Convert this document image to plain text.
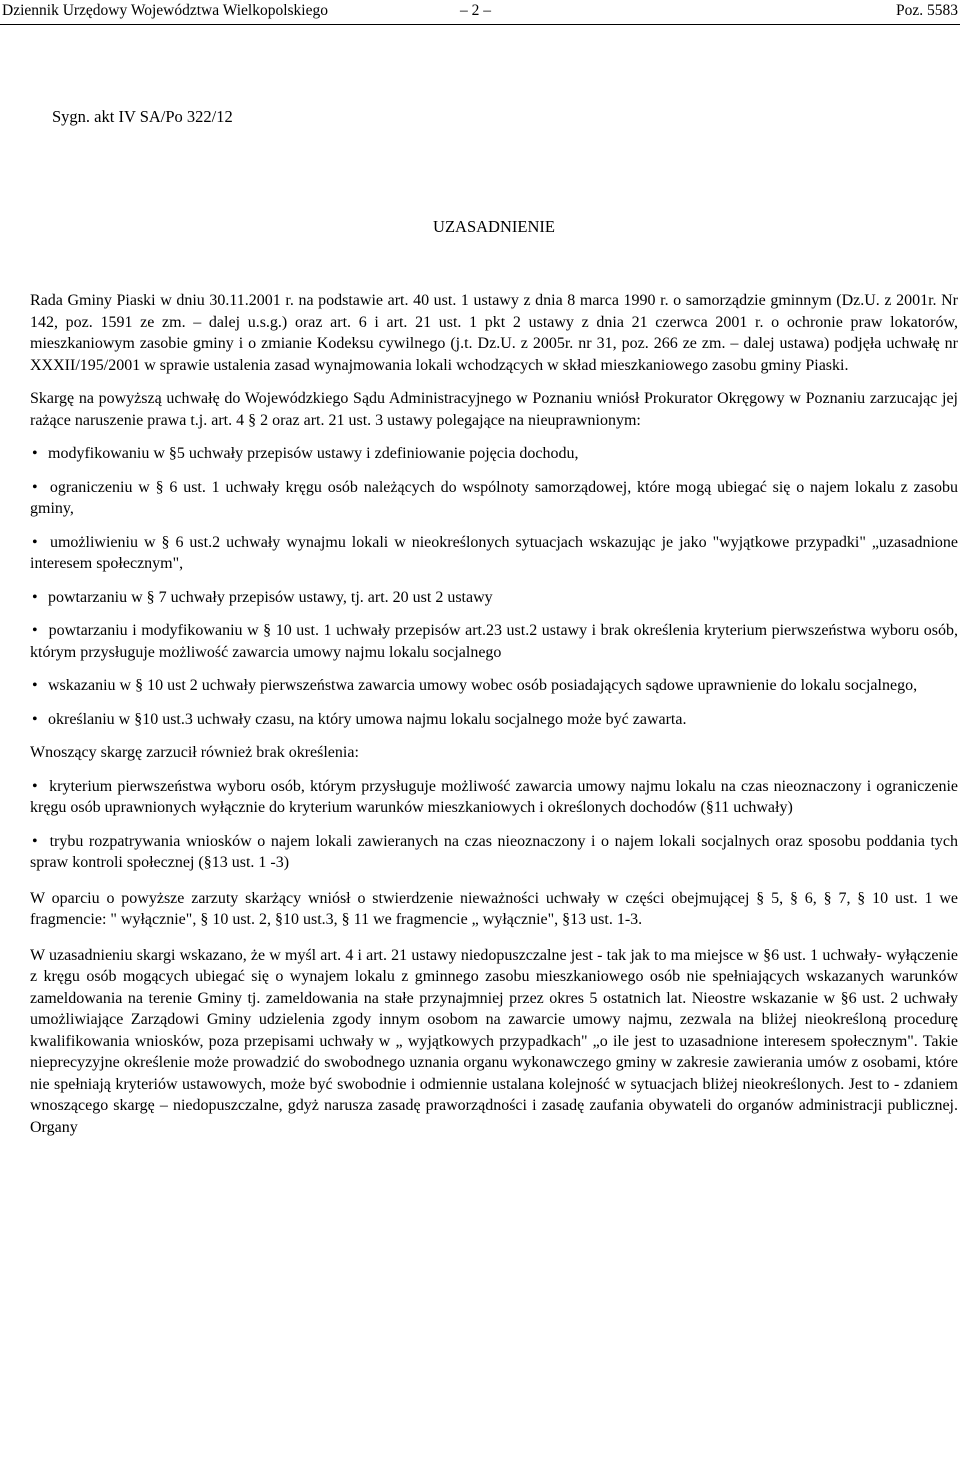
Dziennik Urzędowy Województwa Wielkopolskiego	– 2 –	Poz. 5583
Sygn. akt IV SA/Po 322/12
UZASADNIENIE

Rada Gminy Piaski w dniu 30.11.2001 r. na podstawie art. 40 ust. 1 ustawy z dnia 8 marca 1990 r. o samorządzie gminnym (Dz.U. z 2001r. Nr 142, poz. 1591 ze zm. – dalej u.s.g.) oraz art. 6 i art. 21 ust. 1 pkt 2 ustawy z dnia 21 czerwca 2001 r. o ochronie praw lokatorów, mieszkaniowym zasobie gminy i o zmianie Kodeksu cywilnego (j.t. Dz.U. z 2005r. nr 31, poz. 266 ze zm. – dalej ustawa) podjęła uchwałę nr XXXII/195/2001 w sprawie ustalenia zasad wynajmowania lokali wchodzących w skład mieszkaniowego zasobu gminy Piaski.

Skargę na powyższą uchwałę do Wojewódzkiego Sądu Administracyjnego w Poznaniu wniósł Prokurator Okręgowy w Poznaniu zarzucając jej rażące naruszenie prawa t.j. art. 4 § 2 oraz art. 21 ust. 3 ustawy polegające na nieuprawnionym:

• modyfikowaniu w §5 uchwały przepisów ustawy i zdefiniowanie pojęcia dochodu,

• ograniczeniu w § 6 ust. 1 uchwały kręgu osób należących do wspólnoty samorządowej, które mogą ubiegać się o najem lokalu z zasobu gminy,

• umożliwieniu w § 6 ust.2 uchwały wynajmu lokali w nieokreślonych sytuacjach wskazując je jako "wyjątkowe przypadki" „uzasadnione interesem społecznym",

• powtarzaniu w § 7 uchwały przepisów ustawy, tj. art. 20 ust 2 ustawy

• powtarzaniu i modyfikowaniu w § 10 ust. 1 uchwały przepisów art.23 ust.2 ustawy i brak określenia kryterium pierwszeństwa wyboru osób, którym przysługuje możliwość zawarcia umowy najmu lokalu socjalnego

• wskazaniu w § 10 ust 2 uchwały pierwszeństwa zawarcia umowy wobec osób posiadających sądowe uprawnienie do lokalu socjalnego,

• określaniu w §10 ust.3 uchwały czasu, na który umowa najmu lokalu socjalnego może być zawarta.

Wnoszący skargę zarzucił również brak określenia:

• kryterium pierwszeństwa wyboru osób, którym przysługuje możliwość zawarcia umowy najmu lokalu na czas nieoznaczony i ograniczenie kręgu osób uprawnionych wyłącznie do kryterium warunków mieszkaniowych i określonych dochodów (§11 uchwały)

• trybu rozpatrywania wniosków o najem lokali zawieranych na czas nieoznaczony i o najem lokali socjalnych oraz sposobu poddania tych spraw kontroli społecznej (§13 ust. 1 -3)

W oparciu o powyższe zarzuty skarżący wniósł o stwierdzenie nieważności uchwały w części obejmującej § 5, § 6, § 7, § 10 ust. 1 we fragmencie: " wyłącznie", § 10 ust. 2, §10 ust.3, § 11 we fragmencie „ wyłącznie", §13 ust. 1-3.

W uzasadnieniu skargi wskazano, że w myśl art. 4 i art. 21 ustawy niedopuszczalne jest - tak jak to ma miejsce w §6 ust. 1 uchwały- wyłączenie z kręgu osób mogących ubiegać się o wynajem lokalu z gminnego zasobu mieszkaniowego osób nie spełniających wskazanych warunków zameldowania na terenie Gminy tj. zameldowania na stałe przynajmniej przez okres 5 ostatnich lat. Nieostre wskazanie w §6 ust. 2 uchwały umożliwiające Zarządowi Gminy udzielenia zgody innym osobom na zawarcie umowy najmu, zezwala na bliżej nieokreśloną procedurę kwalifikowania wniosków, poza przepisami uchwały w „ wyjątkowych przypadkach" „o ile jest to uzasadnione interesem społecznym". Takie nieprecyzyjne określenie może prowadzić do swobodnego uznania organu wykonawczego gminy w zakresie zawierania umów z osobami, które nie spełniają kryteriów ustawowych, może być swobodnie i odmiennie ustalana kolejność w sytuacjach bliżej nieokreślonych. Jest to - zdaniem wnoszącego skargę – niedopuszczalne, gdyż narusza zasadę praworządności i zasadę zaufania obywateli do organów administracji publicznej. Organy
